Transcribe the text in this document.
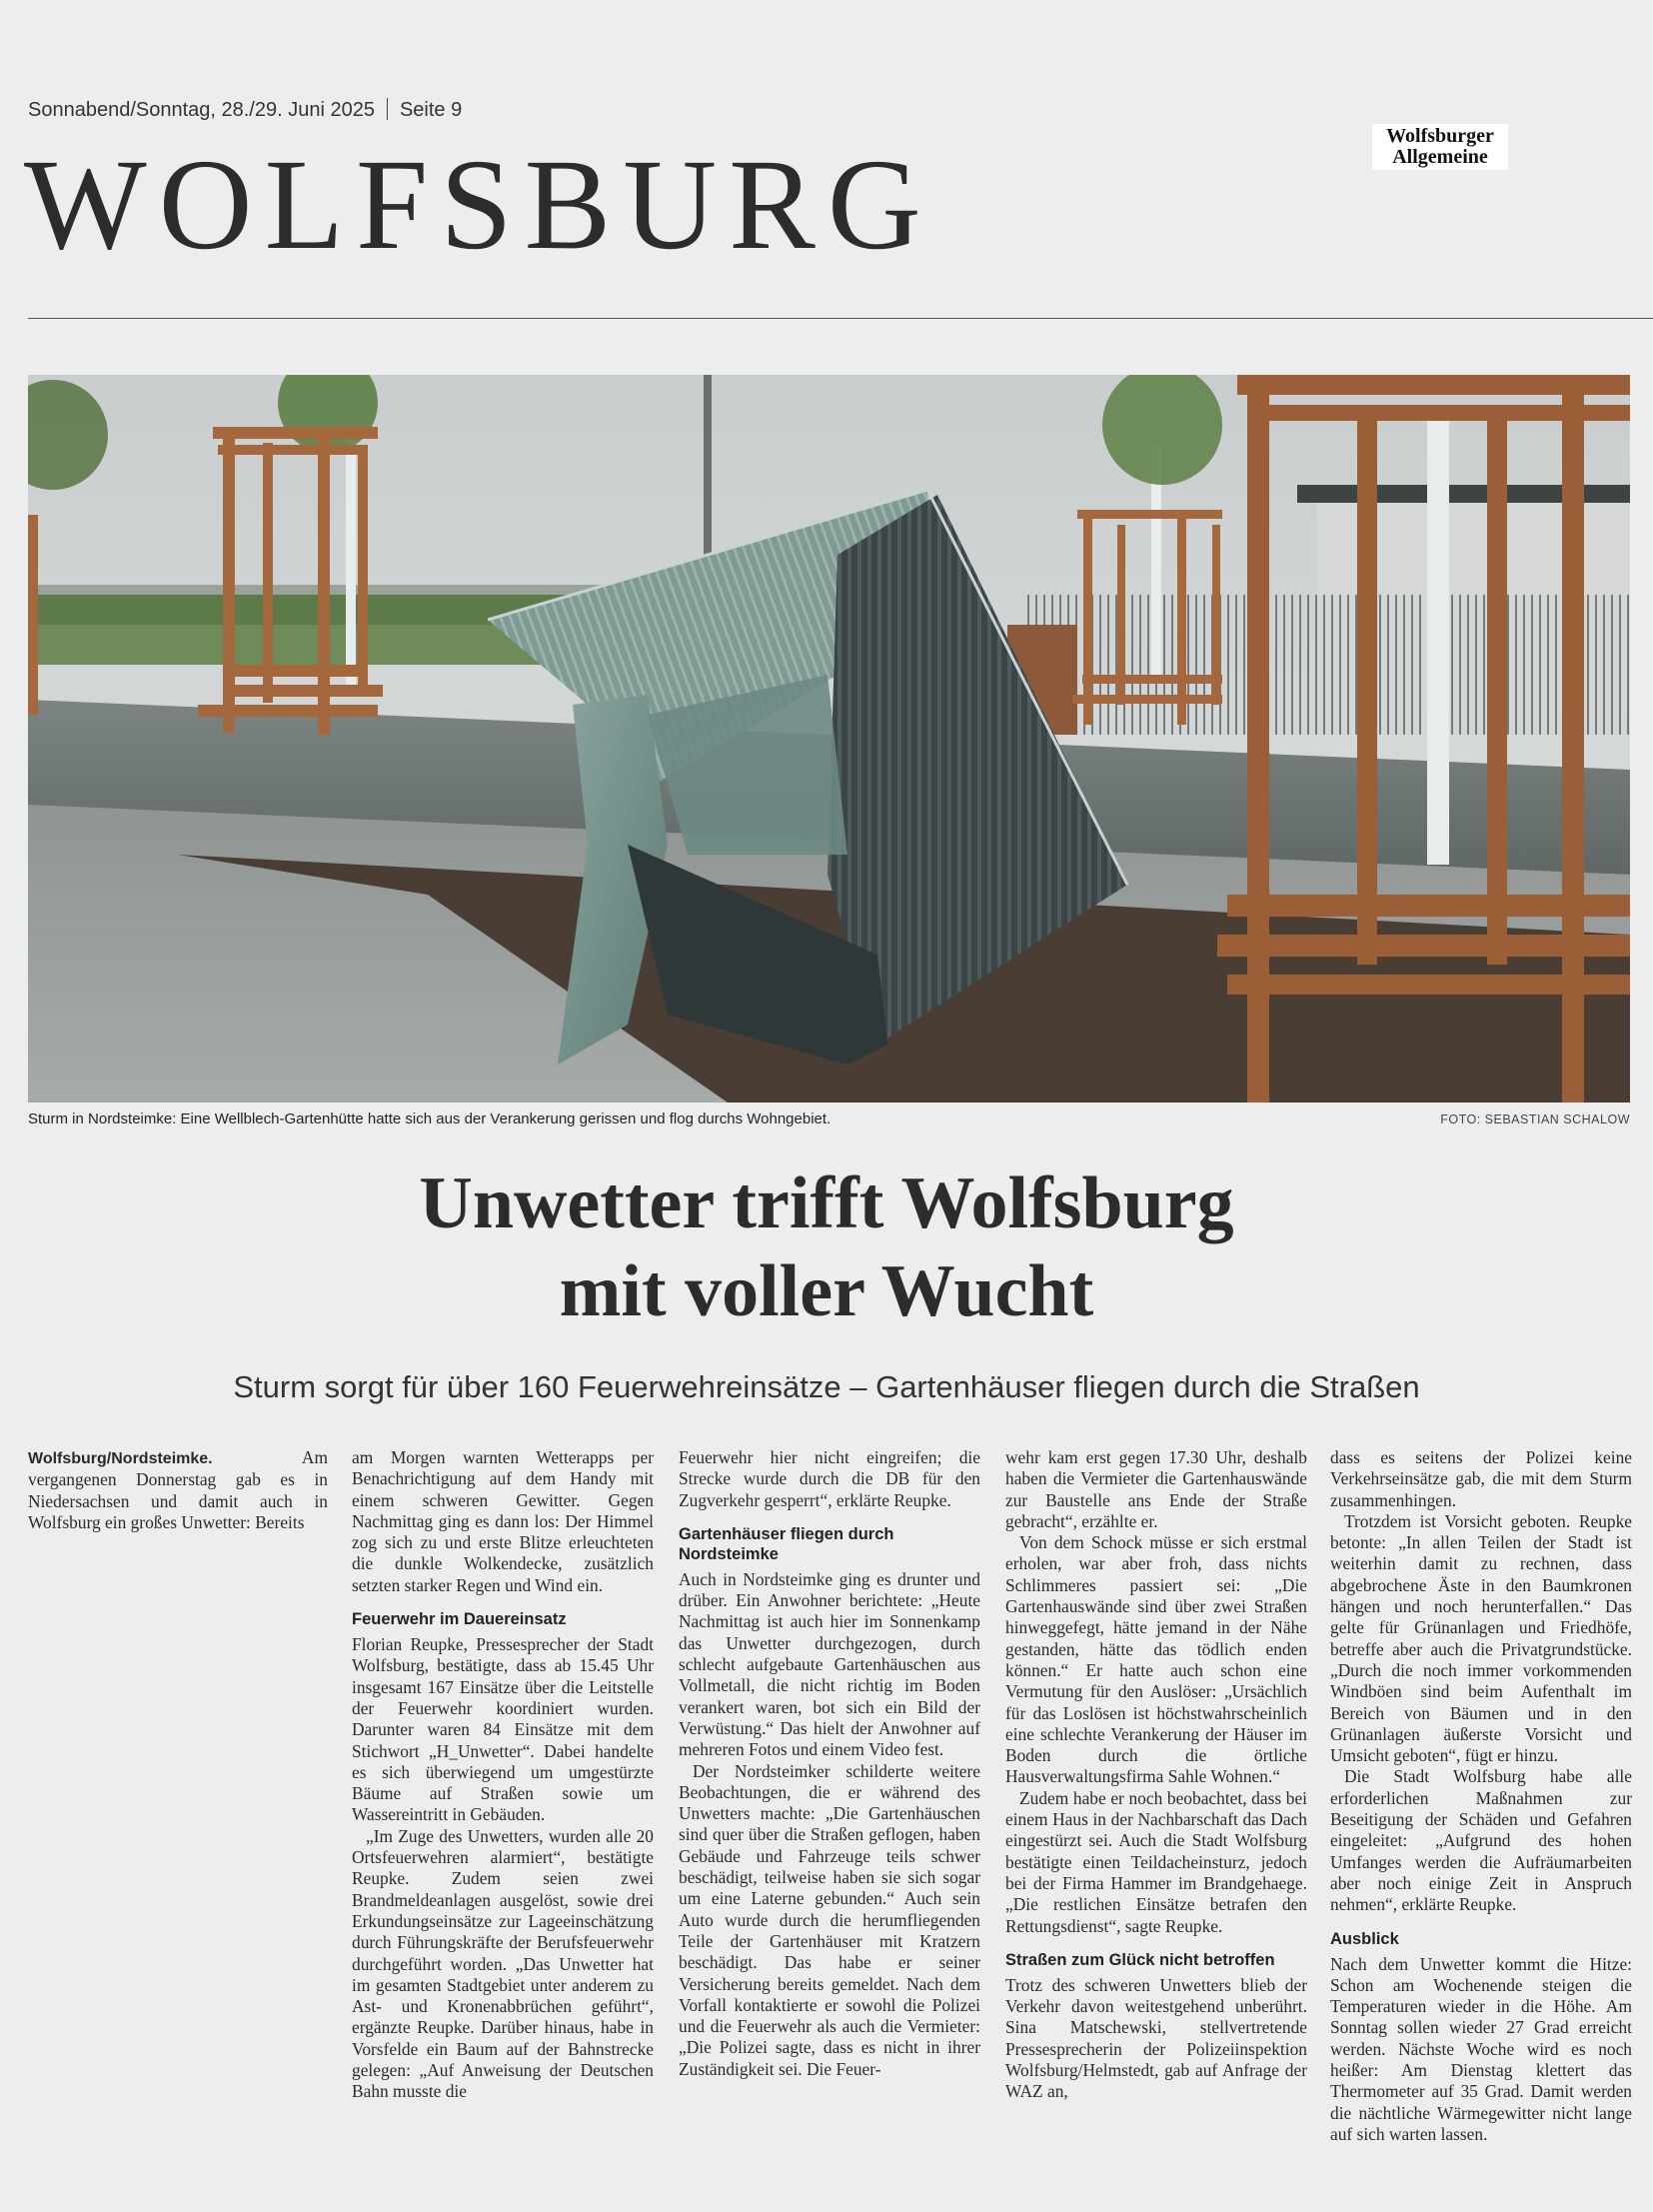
Sonnabend/Sonntag, 28./29. Juni 2025 Seite 9
Wolfsburger
Allgemeine
WOLFSBURG
Sturm in Nordsteimke: Eine Wellblech-Gartenhütte hatte sich aus der Verankerung gerissen und flog durchs Wohngebiet.	FOTO: SEBASTIAN SCHALOW
Unwetter trifft Wolfsburg
mit voller Wucht
Sturm sorgt für über 160 Feuerwehreinsätze – Gartenhäuser fliegen durch die Straßen

Wolfsburg/Nordsteimke.	Am vergangenen Donnerstag gab es in Niedersachsen und damit auch in Wolfsburg ein großes Unwetter: Bereits

am Morgen warnten Wetterapps per Benachrichtigung auf dem Handy mit einem schweren Gewitter. Gegen Nachmittag ging es dann los: Der Himmel zog sich zu und erste Blitze erleuchteten die dunkle Wolkendecke, zusätzlich setzten starker Regen und Wind ein.

Feuerwehr im Dauereinsatz

Florian Reupke, Pressesprecher der Stadt Wolfsburg, bestätigte, dass ab 15.45 Uhr insgesamt 167 Einsätze über die Leitstelle der Feuerwehr koordiniert wurden. Darunter waren 84 Einsätze mit dem Stichwort „H_Unwetter“. Dabei handelte es sich überwiegend um umgestürzte Bäume auf Straßen sowie um Wassereintritt in Gebäuden.

„Im Zuge des Unwetters, wurden alle 20 Ortsfeuerwehren alarmiert“, bestätigte Reupke. Zudem seien zwei Brandmeldeanlagen ausgelöst, sowie drei Erkundungseinsätze zur Lageeinschätzung durch Führungskräfte der Berufsfeuerwehr durchgeführt worden. „Das Unwetter hat im gesamten Stadtgebiet unter anderem zu Ast- und Kronenabbrüchen geführt“, ergänzte Reupke. Darüber hinaus, habe in Vorsfelde ein Baum auf der Bahnstrecke gelegen: „Auf Anweisung der Deutschen Bahn musste die

Feuerwehr hier nicht eingreifen; die Strecke wurde durch die DB für den Zugverkehr gesperrt“, erklärte Reupke.

Gartenhäuser fliegen durch Nordsteimke

Auch in Nordsteimke ging es drunter und drüber. Ein Anwohner berichtete: „Heute Nachmittag ist auch hier im Sonnenkamp das Unwetter durchgezogen, durch schlecht aufgebaute Gartenhäuschen aus Vollmetall, die nicht richtig im Boden verankert waren, bot sich ein Bild der Verwüstung.“ Das hielt der Anwohner auf mehreren Fotos und einem Video fest.

Der Nordsteimker schilderte weitere Beobachtungen, die er während des Unwetters machte: „Die Gartenhäuschen sind quer über die Straßen geflogen, haben Gebäude und Fahrzeuge teils schwer beschädigt, teilweise haben sie sich sogar um eine Laterne gebunden.“ Auch sein Auto wurde durch die herumfliegenden Teile der Gartenhäuser mit Kratzern beschädigt. Das habe er seiner Versicherung bereits gemeldet. Nach dem Vorfall kontaktierte er sowohl die Polizei und die Feuerwehr als auch die Vermieter: „Die Polizei sagte, dass es nicht in ihrer Zuständigkeit sei. Die Feuer-

wehr kam erst gegen 17.30 Uhr, deshalb haben die Vermieter die Gartenhauswände zur Baustelle ans Ende der Straße gebracht“, erzählte er.

Von dem Schock müsse er sich erstmal erholen, war aber froh, dass nichts Schlimmeres passiert sei: „Die Gartenhauswände sind über zwei Straßen hinweggefegt, hätte jemand in der Nähe gestanden, hätte das tödlich enden können.“ Er hatte auch schon eine Vermutung für den Auslöser: „Ursächlich für das Loslösen ist höchstwahrscheinlich eine schlechte Verankerung der Häuser im Boden durch die örtliche Hausverwaltungsfirma Sahle Wohnen.“

Zudem habe er noch beobachtet, dass bei einem Haus in der Nachbarschaft das Dach eingestürzt sei. Auch die Stadt Wolfsburg bestätigte einen Teildacheinsturz, jedoch bei der Firma Hammer im Brandgehaege. „Die restlichen Einsätze betrafen den Rettungsdienst“, sagte Reupke.

Straßen zum Glück nicht betroffen

Trotz des schweren Unwetters blieb der Verkehr davon weitestgehend unberührt. Sina Matschewski, stellvertretende Pressesprecherin der Polizeiinspektion Wolfsburg/Helmstedt, gab auf Anfrage der WAZ an,

dass es seitens der Polizei keine Verkehrseinsätze gab, die mit dem Sturm zusammenhingen.

Trotzdem ist Vorsicht geboten. Reupke betonte: „In allen Teilen der Stadt ist weiterhin damit zu rechnen, dass abgebrochene Äste in den Baumkronen hängen und noch herunterfallen.“ Das gelte für Grünanlagen und Friedhöfe, betreffe aber auch die Privatgrundstücke. „Durch die noch immer vorkommenden Windböen sind beim Aufenthalt im Bereich von Bäumen und in den Grünanlagen äußerste Vorsicht und Umsicht geboten“, fügt er hinzu.

Die Stadt Wolfsburg habe alle erforderlichen Maßnahmen zur Beseitigung der Schäden und Gefahren eingeleitet: „Aufgrund des hohen Umfanges werden die Aufräumarbeiten aber noch einige Zeit in Anspruch nehmen“, erklärte Reupke.

Ausblick

Nach dem Unwetter kommt die Hitze: Schon am Wochenende steigen die Temperaturen wieder in die Höhe. Am Sonntag sollen wieder 27 Grad erreicht werden. Nächste Woche wird es noch heißer: Am Dienstag klettert das Thermometer auf 35 Grad. Damit werden die nächtliche Wärmegewitter nicht lange auf sich warten lassen.
